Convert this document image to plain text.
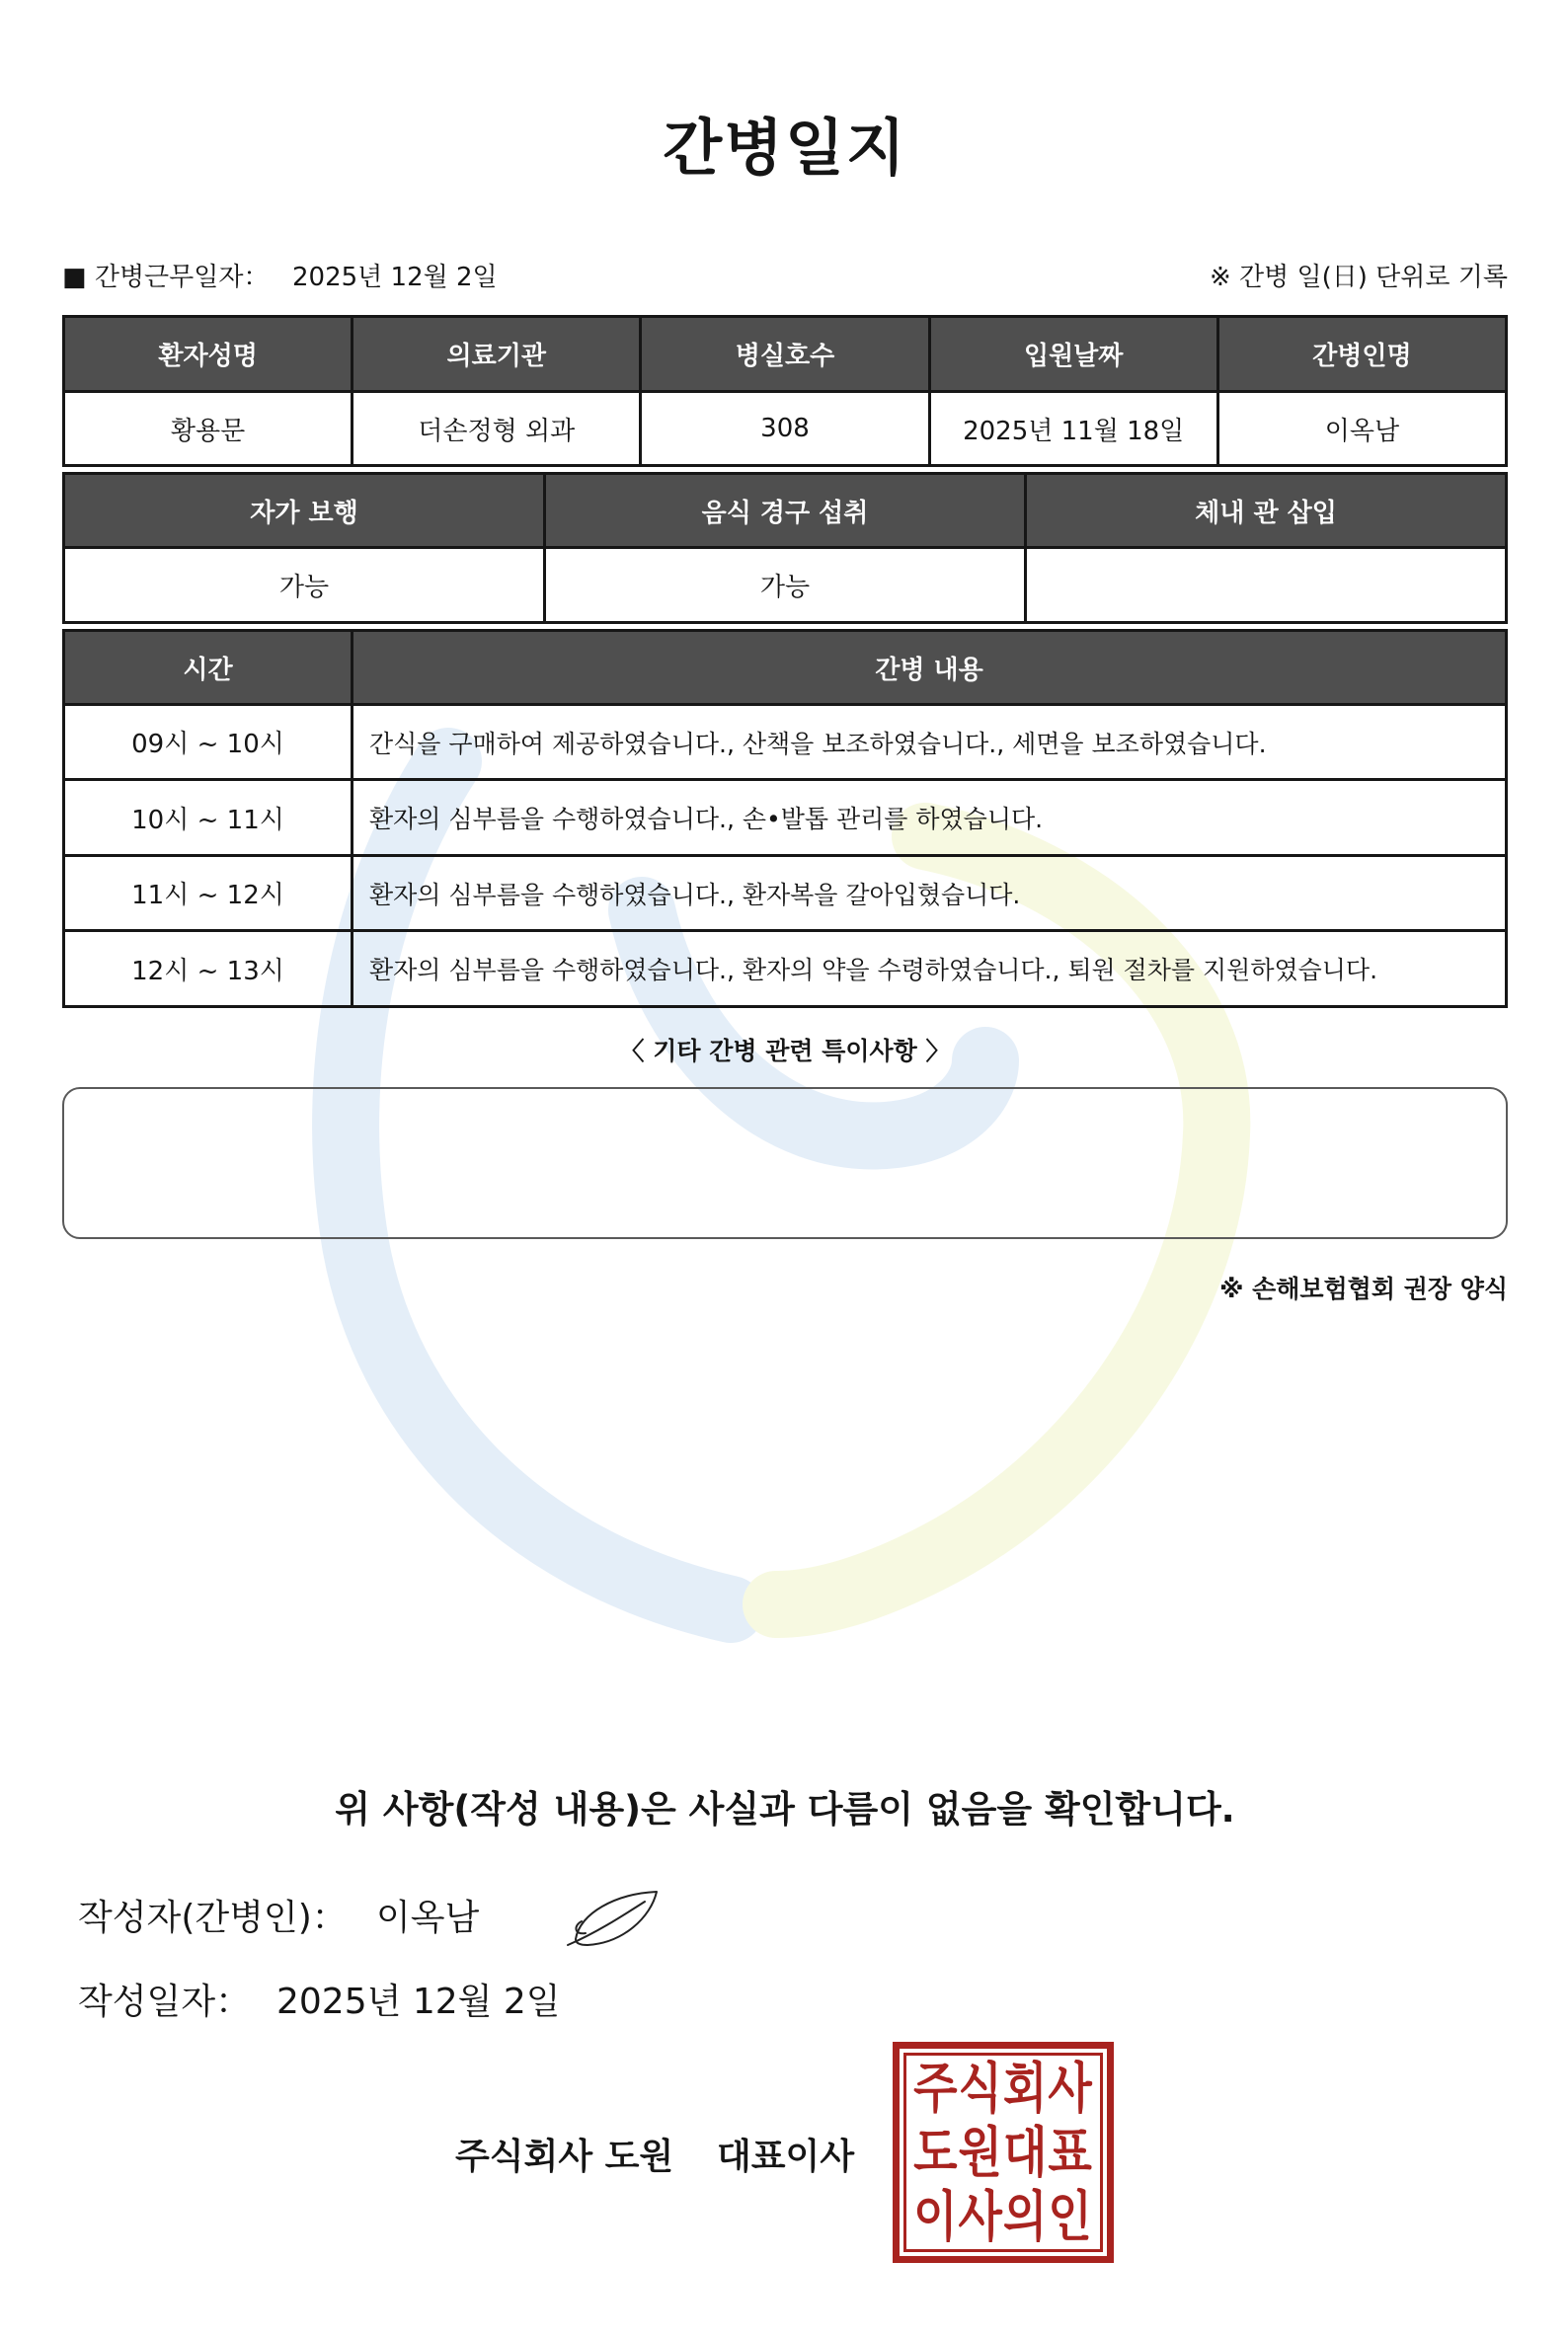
간병일지
■ 간병근무일자： 2025년 12월 2일	※ 간병 일(日) 단위로 기록
환자성명	의료기관	병실호수	입원날짜	간병인명
황용문	더손정형 외과	308	2025년 11월 18일	이옥남
자가 보행	음식 경구 섭취	체내 관 삽입
가능	가능
시간	간병 내용
09시 ~ 10시	간식을 구매하여 제공하였습니다., 산책을 보조하였습니다., 세면을 보조하였습니다.
10시 ~ 11시	환자의 심부름을 수행하였습니다., 손•발톱 관리를 하였습니다.
11시 ~ 12시	환자의 심부름을 수행하였습니다., 환자복을 갈아입혔습니다.
12시 ~ 13시	환자의 심부름을 수행하였습니다., 환자의 약을 수령하였습니다., 퇴원 절차를 지원하였습니다.
〈 기타 간병 관련 특이사항 〉
※ 손해보험협회 권장 양식
위 사항(작성 내용)은 사실과 다름이 없음을 확인합니다.
작성자(간병인)： 이옥남
작성일자： 2025년 12월 2일
주식회사 도원 대표이사
주식회사
도원대표
이사의인
